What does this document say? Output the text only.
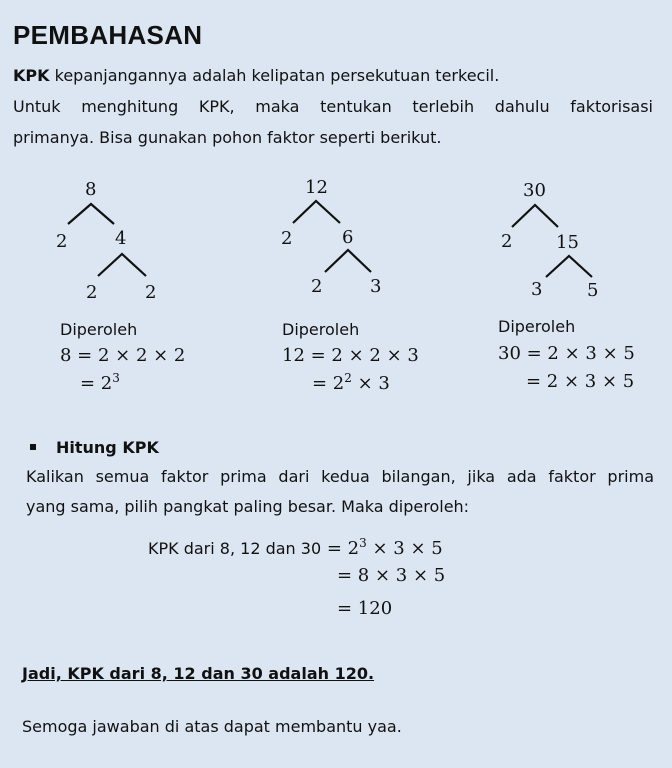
PEMBAHASAN
KPK kepanjangannya adalah kelipatan persekutuan terkecil.
Untuk menghitung KPK, maka tentukan terlebih dahulu faktorisasi
primanya. Bisa gunakan pohon faktor seperti berikut.
8
2	4
2	2
12
2	6
2	3
30
2 15
3 5
Diperoleh
8 = 2 × 2 × 2
= $2^3$
Diperoleh
12 = 2 × 2 × 3
= $2^2 \times 3$
Diperoleh
30 = 2 × 3 × 5
= 2 × 3 × 5
Hitung KPK
Kalikan semua faktor prima dari kedua bilangan, jika ada faktor prima
yang sama, pilih pangkat paling besar. Maka diperoleh:
KPK dari 8, 12 dan $30 = 2^3 \times 3 \times 5$
= 8 × 3 × 5
= 120
Jadi, KPK dari 8, 12 dan 30 adalah 120.
Semoga jawaban di atas dapat membantu yaa.
